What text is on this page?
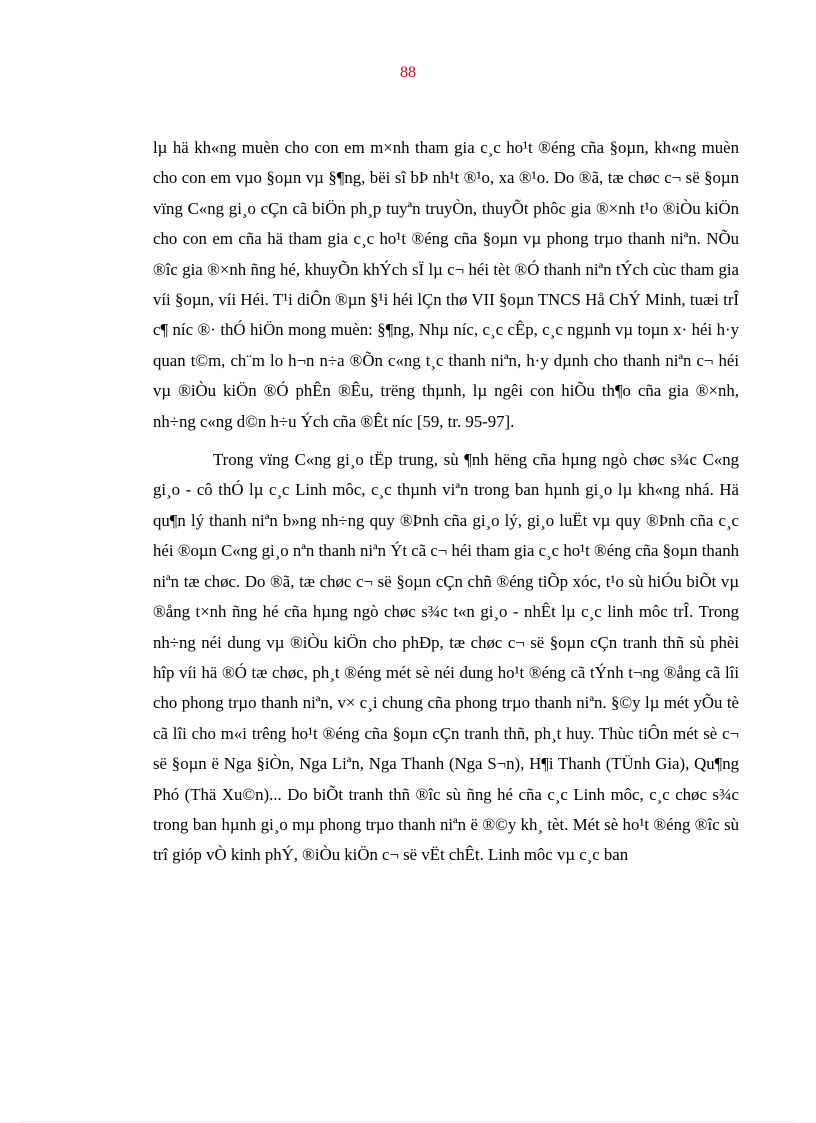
88

lµ hä kh«ng muèn cho con em m×nh tham gia c¸c ho¹t ®éng cña §oµn, kh«ng muèn cho con em vµo §oµn vµ §¶ng, bëi sî bÞ nh¹t ®¹o, xa ®¹o. Do ®ã, tæ chøc c¬ së §oµn vïng C«ng gi¸o cÇn cã biÖn ph¸p tuyªn truyÒn, thuyÕt phôc gia ®×nh t¹o ®iÒu kiÖn cho con em cña hä tham gia c¸c ho¹t ®éng cña §oµn vµ phong trµo thanh niªn. NÕu ®îc gia ®×nh ñng hé, khuyÕn khÝch sÏ lµ c¬ héi tèt ®Ó thanh niªn tÝch cùc tham gia víi §oµn, víi Héi. T¹i diÔn ®µn §¹i héi lÇn thø VII §oµn TNCS Hå ChÝ Minh, tuæi trÎ c¶ níc ®· thÓ hiÖn mong muèn: §¶ng, Nhµ níc, c¸c cÊp, c¸c ngµnh vµ toµn x· héi h·y quan t©m, ch¨m lo h¬n n÷a ®Õn c«ng t¸c thanh niªn, h·y dµnh cho thanh niªn c¬ héi vµ ®iÒu kiÖn ®Ó phÊn ®Êu, trëng thµnh, lµ ngêi con hiÕu th¶o cña gia ®×nh, nh÷ng c«ng d©n h÷u Ých cña ®Êt níc [59, tr. 95-97].

Trong vïng C«ng gi¸o tËp trung, sù ¶nh hëng cña hµng ngò chøc s¾c C«ng gi¸o - cô thÓ lµ c¸c Linh môc, c¸c thµnh viªn trong ban hµnh gi¸o lµ kh«ng nhá. Hä qu¶n lý thanh niªn b»ng nh÷ng quy ®Þnh cña gi¸o lý, gi¸o luËt vµ quy ®Þnh cña c¸c héi ®oµn C«ng gi¸o nªn thanh niªn Ýt cã c¬ héi tham gia c¸c ho¹t ®éng cña §oµn thanh niªn tæ chøc. Do ®ã, tæ chøc c¬ së §oµn cÇn chñ ®éng tiÕp xóc, t¹o sù hiÓu biÕt vµ ®ång t×nh ñng hé cña hµng ngò chøc s¾c t«n gi¸o - nhÊt lµ c¸c linh môc trÎ. Trong nh÷ng néi dung vµ ®iÒu kiÖn cho phÐp, tæ chøc c¬ së §oµn cÇn tranh thñ sù phèi hîp víi hä ®Ó tæ chøc, ph¸t ®éng mét sè néi dung ho¹t ®éng cã tÝnh t¬ng ®ång cã lîi cho phong trµo thanh niªn, v× c¸i chung cña phong trµo thanh niªn. §©y lµ mét yÕu tè cã lîi cho m«i trêng ho¹t ®éng cña §oµn cÇn tranh thñ, ph¸t huy. Thùc tiÔn mét sè c¬ së §oµn ë Nga §iÒn, Nga Liªn, Nga Thanh (Nga S¬n), H¶i Thanh (TÜnh Gia), Qu¶ng Phó (Thä Xu©n)... Do biÕt tranh thñ ®îc sù ñng hé cña c¸c Linh môc, c¸c chøc s¾c trong ban hµnh gi¸o mµ phong trµo thanh niªn ë ®©y kh¸ tèt. Mét sè ho¹t ®éng ®îc sù trî gióp vÒ kinh phÝ, ®iÒu kiÖn c¬ së vËt chÊt. Linh môc vµ c¸c ban
